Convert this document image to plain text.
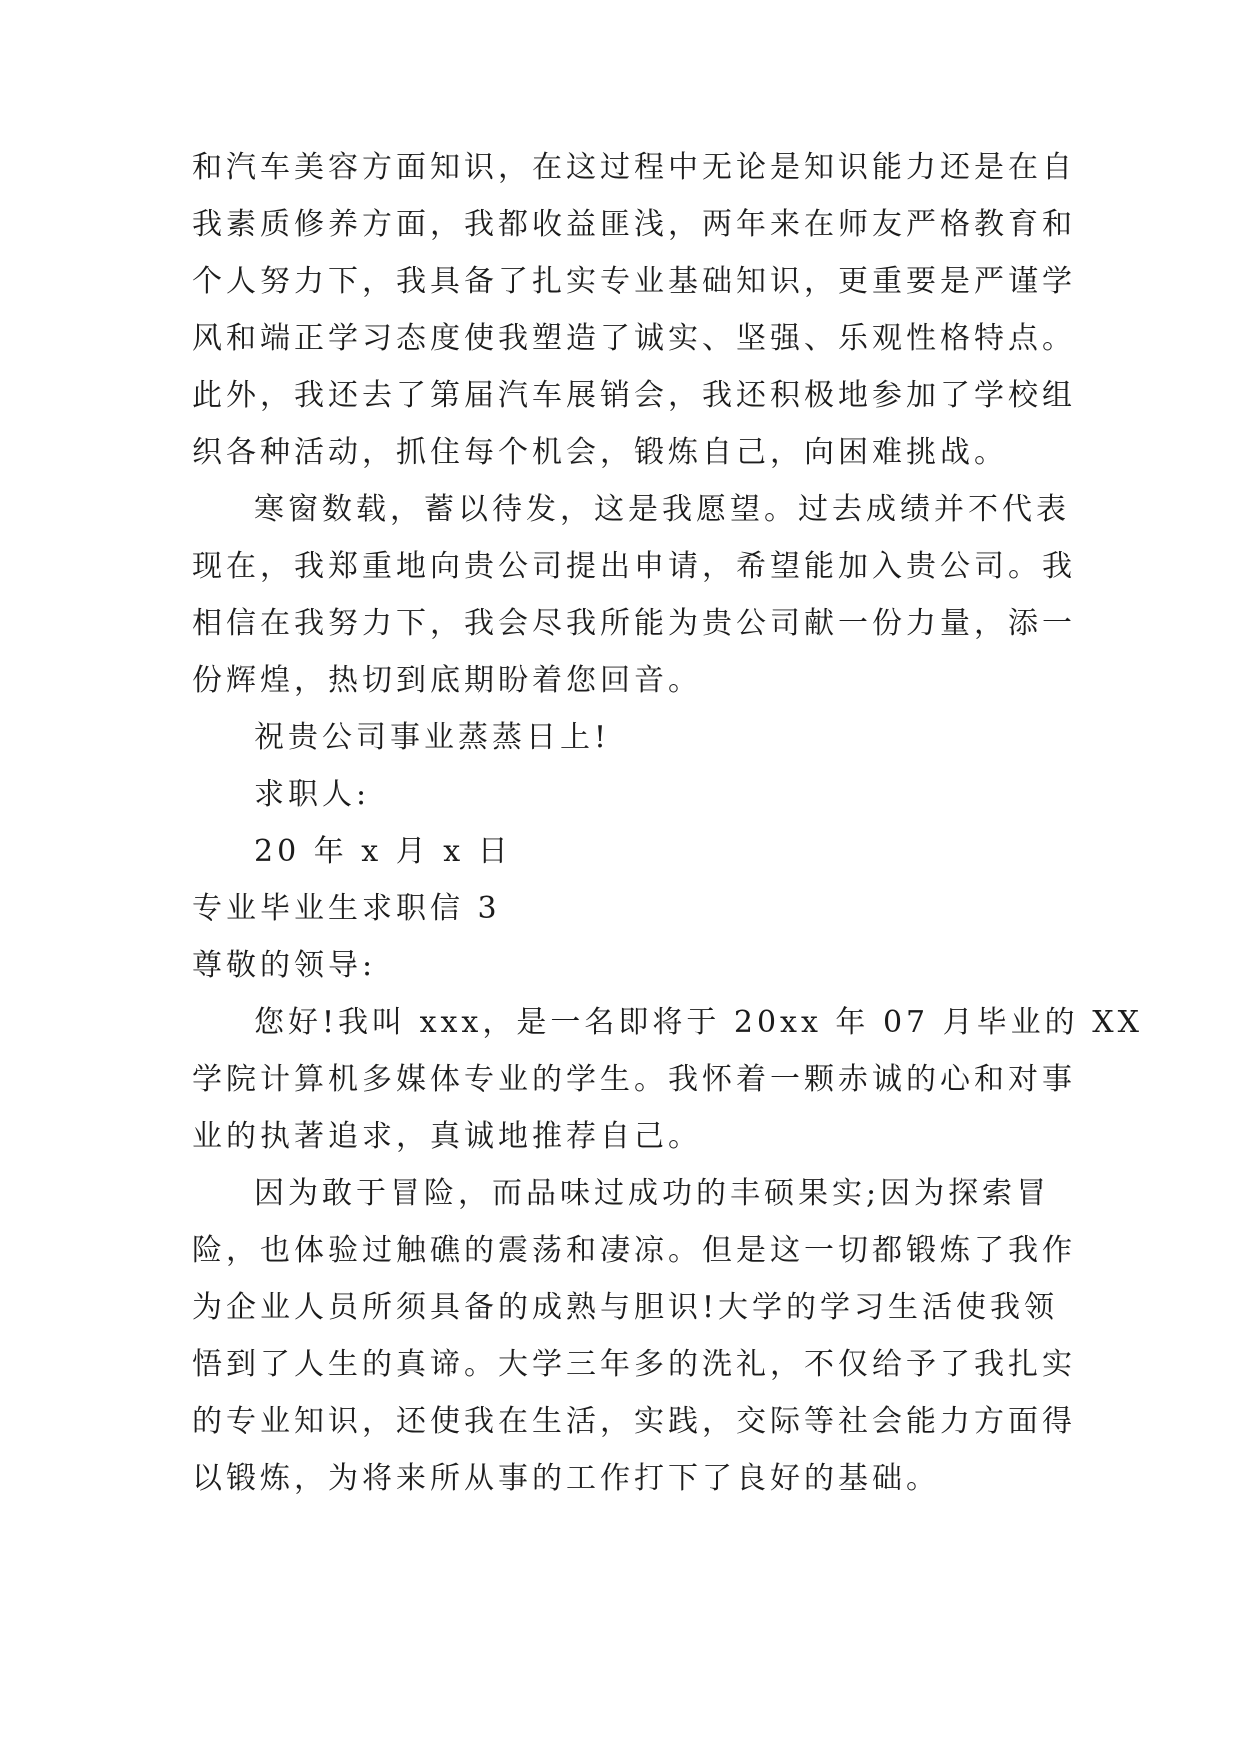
和汽车美容方面知识，在这过程中无论是知识能力还是在自

我素质修养方面，我都收益匪浅，两年来在师友严格教育和

个人努力下，我具备了扎实专业基础知识，更重要是严谨学

风和端正学习态度使我塑造了诚实、坚强、乐观性格特点。

此外，我还去了第届汽车展销会，我还积极地参加了学校组

织各种活动，抓住每个机会，锻炼自己，向困难挑战。

寒窗数载，蓄以待发，这是我愿望。过去成绩并不代表

现在，我郑重地向贵公司提出申请，希望能加入贵公司。我

相信在我努力下，我会尽我所能为贵公司献一份力量，添一

份辉煌，热切到底期盼着您回音。

祝贵公司事业蒸蒸日上!

求职人:

20 年 x 月 x 日

专业毕业生求职信 3

尊敬的领导:

您好!我叫 xxx，是一名即将于 20xx 年 07 月毕业的 XX

学院计算机多媒体专业的学生。我怀着一颗赤诚的心和对事

业的执著追求，真诚地推荐自己。

因为敢于冒险，而品味过成功的丰硕果实;因为探索冒

险，也体验过触礁的震荡和凄凉。但是这一切都锻炼了我作

为企业人员所须具备的成熟与胆识!大学的学习生活使我领

悟到了人生的真谛。大学三年多的洗礼，不仅给予了我扎实

的专业知识，还使我在生活，实践，交际等社会能力方面得

以锻炼，为将来所从事的工作打下了良好的基础。
